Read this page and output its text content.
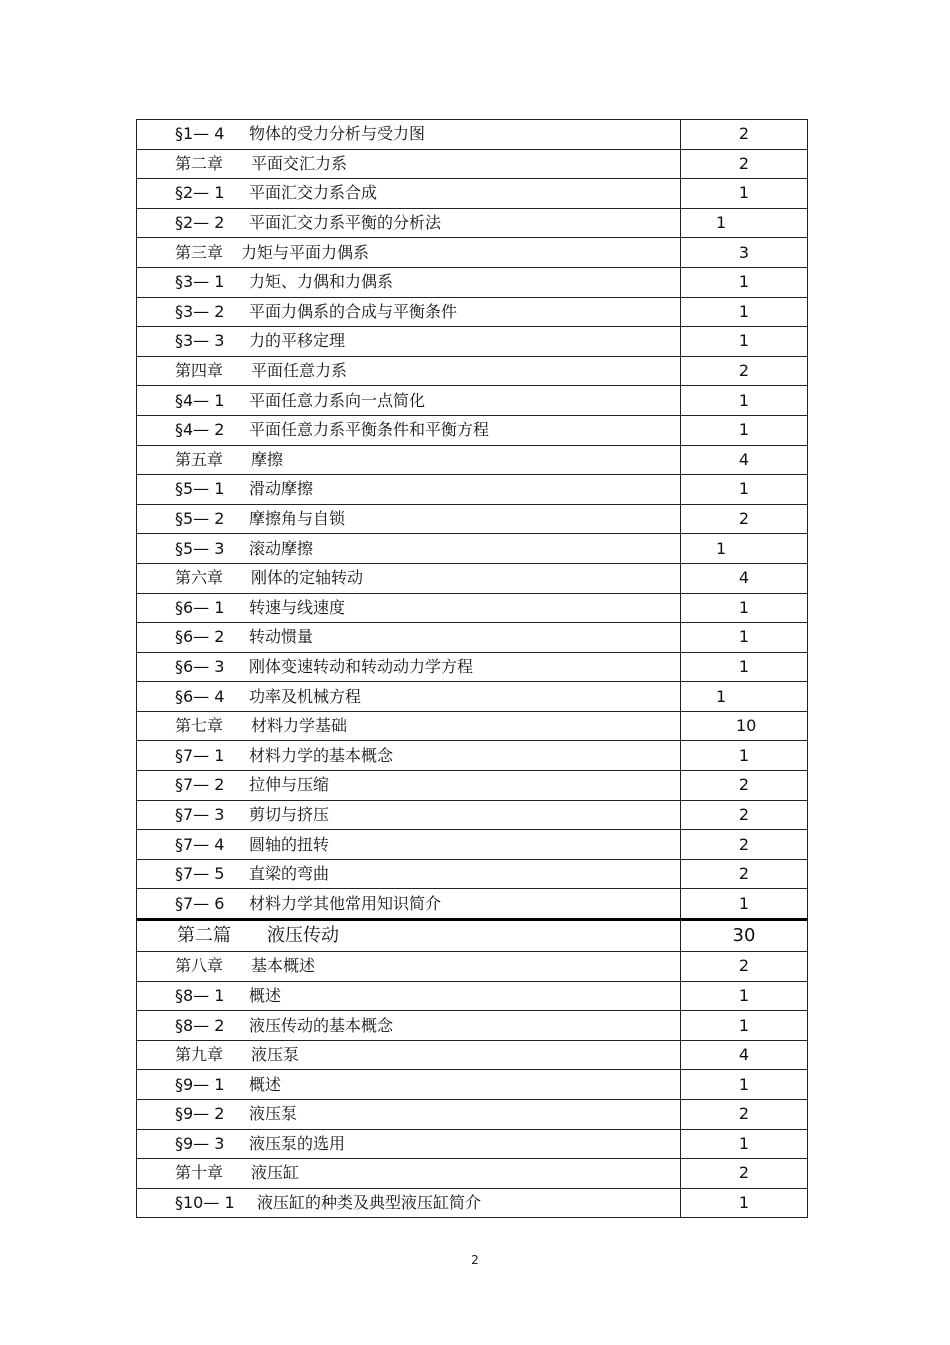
§1— 4 物体的受力分析与受力图	2
第二章 平面交汇力系	2
§2— 1 平面汇交力系合成	1
§2— 2 平面汇交力系平衡的分析法	1
第三章 力矩与平面力偶系	3
§3— 1 力矩、力偶和力偶系	1
§3— 2 平面力偶系的合成与平衡条件	1
§3— 3 力的平移定理	1
第四章 平面任意力系	2
§4— 1 平面任意力系向一点简化	1
§4— 2 平面任意力系平衡条件和平衡方程	1
第五章 摩擦	4
§5— 1 滑动摩擦	1
§5— 2 摩擦角与自锁	2
§5— 3 滚动摩擦	1
第六章 刚体的定轴转动	4
§6— 1 转速与线速度	1
§6— 2 转动惯量	1
§6— 3 刚体变速转动和转动动力学方程	1
§6— 4 功率及机械方程	1
第七章 材料力学基础	10
§7— 1 材料力学的基本概念	1
§7— 2 拉伸与压缩	2
§7— 3 剪切与挤压	2
§7— 4 圆轴的扭转	2
§7— 5 直梁的弯曲	2
§7— 6 材料力学其他常用知识简介	1
第二篇 液压传动	30
第八章 基本概述	2
§8— 1 概述	1
§8— 2 液压传动的基本概念	1
第九章 液压泵	4
§9— 1 概述	1
§9— 2 液压泵	2
§9— 3 液压泵的选用	1
第十章 液压缸	2
§10— 1 液压缸的种类及典型液压缸简介	1
2
